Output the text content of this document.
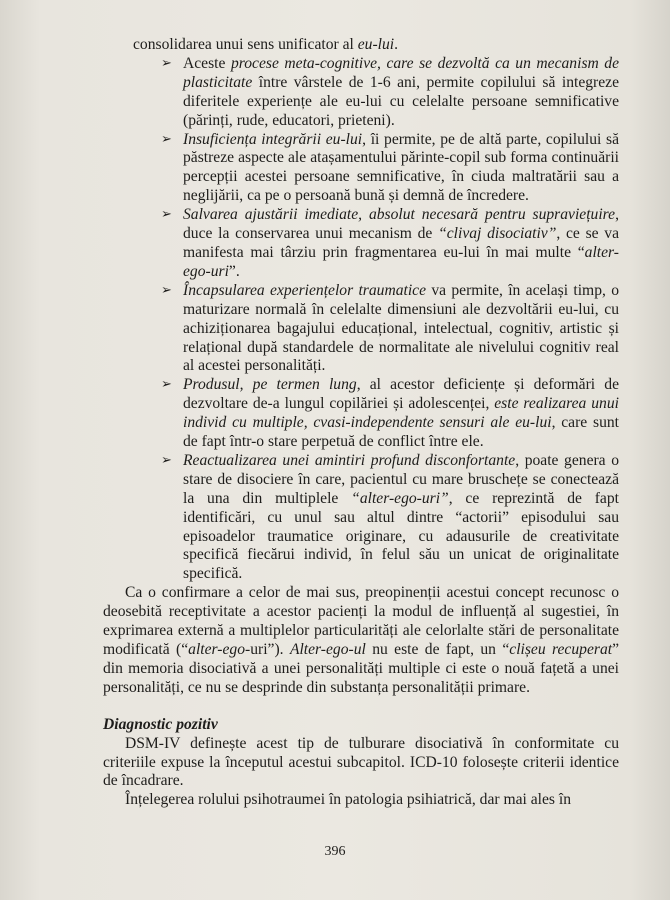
consolidarea unui sens unificator al eu-lui.
➢ Aceste procese meta-cognitive, care se dezvoltă ca un mecanism de plasticitate între vârstele de 1-6 ani, permite copilului să integreze diferitele experiențe ale eu-lui cu celelalte persoane semnificative (părinți, rude, educatori, prieteni).
➢ Insuficiența integrării eu-lui, îi permite, pe de altă parte, copilului să păstreze aspecte ale atașamentului părinte-copil sub forma continuării percepții acestei persoane semnificative, în ciuda maltratării sau a neglijării, ca pe o persoană bună și demnă de încredere.
➢ Salvarea ajustării imediate, absolut necesară pentru supraviețuire, duce la conservarea unui mecanism de “clivaj disociativ”, ce se va manifesta mai târziu prin fragmentarea eu-lui în mai multe “alter-ego-uri”.
➢ Încapsularea experiențelor traumatice va permite, în același timp, o maturizare normală în celelalte dimensiuni ale dezvoltării eu-lui, cu achiziționarea bagajului educațional, intelectual, cognitiv, artistic și relațional după standardele de normalitate ale nivelului cognitiv real al acestei personalități.
➢ Produsul, pe termen lung, al acestor deficiențe și deformări de dezvoltare de-a lungul copilăriei și adolescenței, este realizarea unui individ cu multiple, cvasi-independente sensuri ale eu-lui, care sunt de fapt într-o stare perpetuă de conflict între ele.
➢ Reactualizarea unei amintiri profund disconfortante, poate genera o stare de disociere în care, pacientul cu mare bruschețe se conectează la una din multiplele “alter-ego-uri”, ce reprezintă de fapt identificări, cu unul sau altul dintre “actorii” episodului sau episoadelor traumatice originare, cu adausurile de creativitate specifică fiecărui individ, în felul său un unicat de originalitate specifică.

Ca o confirmare a celor de mai sus, preopinenții acestui concept recunosc o deosebită receptivitate a acestor pacienți la modul de influențǎ al sugestiei, în exprimarea externă a multiplelor particularități ale celorlalte stări de personalitate modificată (“alter-ego-uri”). Alter-ego-ul nu este de fapt, un “clișeu recuperat” din memoria disociativă a unei personalități multiple ci este o nouă fațetă a unei personalități, ce nu se desprinde din substanța personalității primare.

Diagnostic pozitiv

DSM-IV definește acest tip de tulburare disociativă în conformitate cu criteriile expuse la începutul acestui subcapitol. ICD-10 folosește criterii identice de încadrare.

Înțelegerea rolului psihotraumei în patologia psihiatrică, dar mai ales în

396
